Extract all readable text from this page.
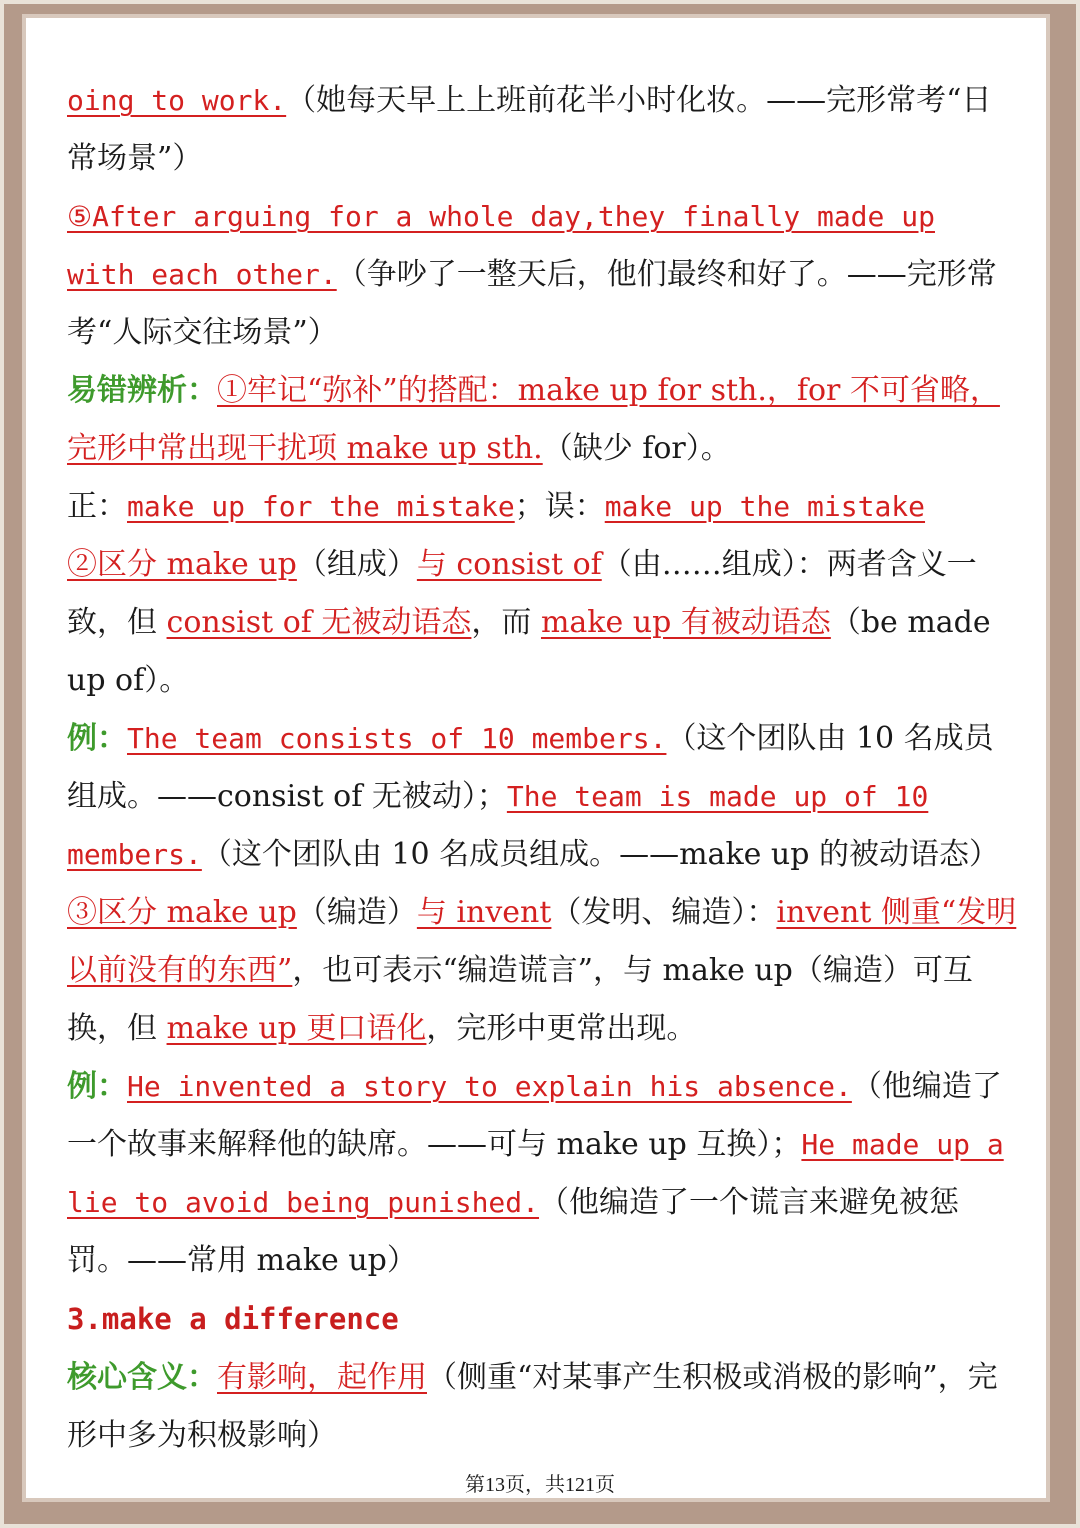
oing to work.（她每天早上上班前花半小时化妆。——完形常考“日常场景”）

⑤After arguing for a whole day,they finally made up with each other.（争吵了一整天后，他们最终和好了。——完形常考“人际交往场景”）

易错辨析：①牢记“弥补”的搭配：make up for sth.，for 不可省略，完形中常出现干扰项 make up sth.（缺少 for）。

正：make up for the mistake；误：make up the mistake

②区分 make up（组成）与 consist of（由……组成）：两者含义一致，但 consist of 无被动语态，而 make up 有被动语态（be made up of）。

例：The team consists of 10 members.（这个团队由 10 名成员组成。——consist of 无被动）；The team is made up of 10 members.（这个团队由 10 名成员组成。——make up 的被动语态）

③区分 make up（编造）与 invent（发明、编造）：invent 侧重“发明以前没有的东西”，也可表示“编造谎言”，与 make up（编造）可互换，但 make up 更口语化，完形中更常出现。

例：He invented a story to explain his absence.（他编造了一个故事来解释他的缺席。——可与 make up 互换）；He made up a lie to avoid being punished.（他编造了一个谎言来避免被惩罚。——常用 make up）

3.make a difference

核心含义：有影响，起作用（侧重“对某事产生积极或消极的影响”，完形中多为积极影响）

第13页，共121页
